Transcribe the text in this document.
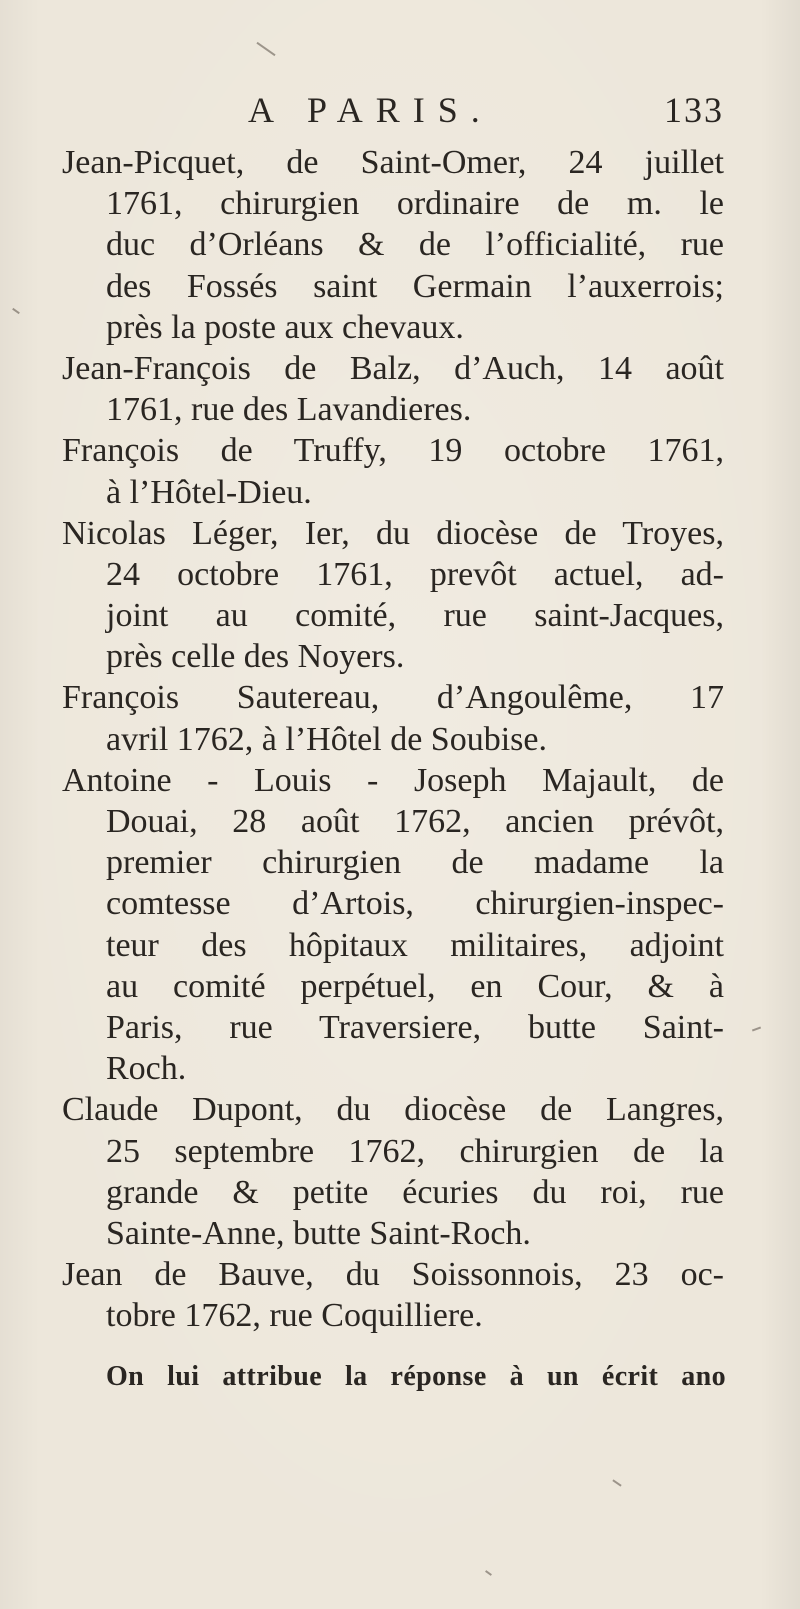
A PARIS.	133
Jean-Picquet, de Saint-Omer, 24 juillet
1761, chirurgien ordinaire de m. le
duc d’Orléans & de l’officialité, rue
des Fossés saint Germain l’auxerrois;
près la poste aux chevaux.
Jean-François de Balz, d’Auch, 14 août
1761, rue des Lavandieres.
François de Truffy, 19 octobre 1761,
à l’Hôtel-Dieu.
Nicolas Léger, Ier, du diocèse de Troyes,
24 octobre 1761, prevôt actuel, ad-
joint au comité, rue saint-Jacques,
près celle des Noyers.
François Sautereau, d’Angoulême, 17
avril 1762, à l’Hôtel de Soubise.
Antoine - Louis - Joseph Majault, de
Douai, 28 août 1762, ancien prévôt,
premier chirurgien de madame la
comtesse d’Artois, chirurgien-inspec-
teur des hôpitaux militaires, adjoint
au comité perpétuel, en Cour, & à
Paris, rue Traversiere, butte Saint-
Roch.
Claude Dupont, du diocèse de Langres,
25 septembre 1762, chirurgien de la
grande & petite écuries du roi, rue
Sainte-Anne, butte Saint-Roch.
Jean de Bauve, du Soissonnois, 23 oc-
tobre 1762, rue Coquilliere.
On lui attribue la réponse à un écrit ano
